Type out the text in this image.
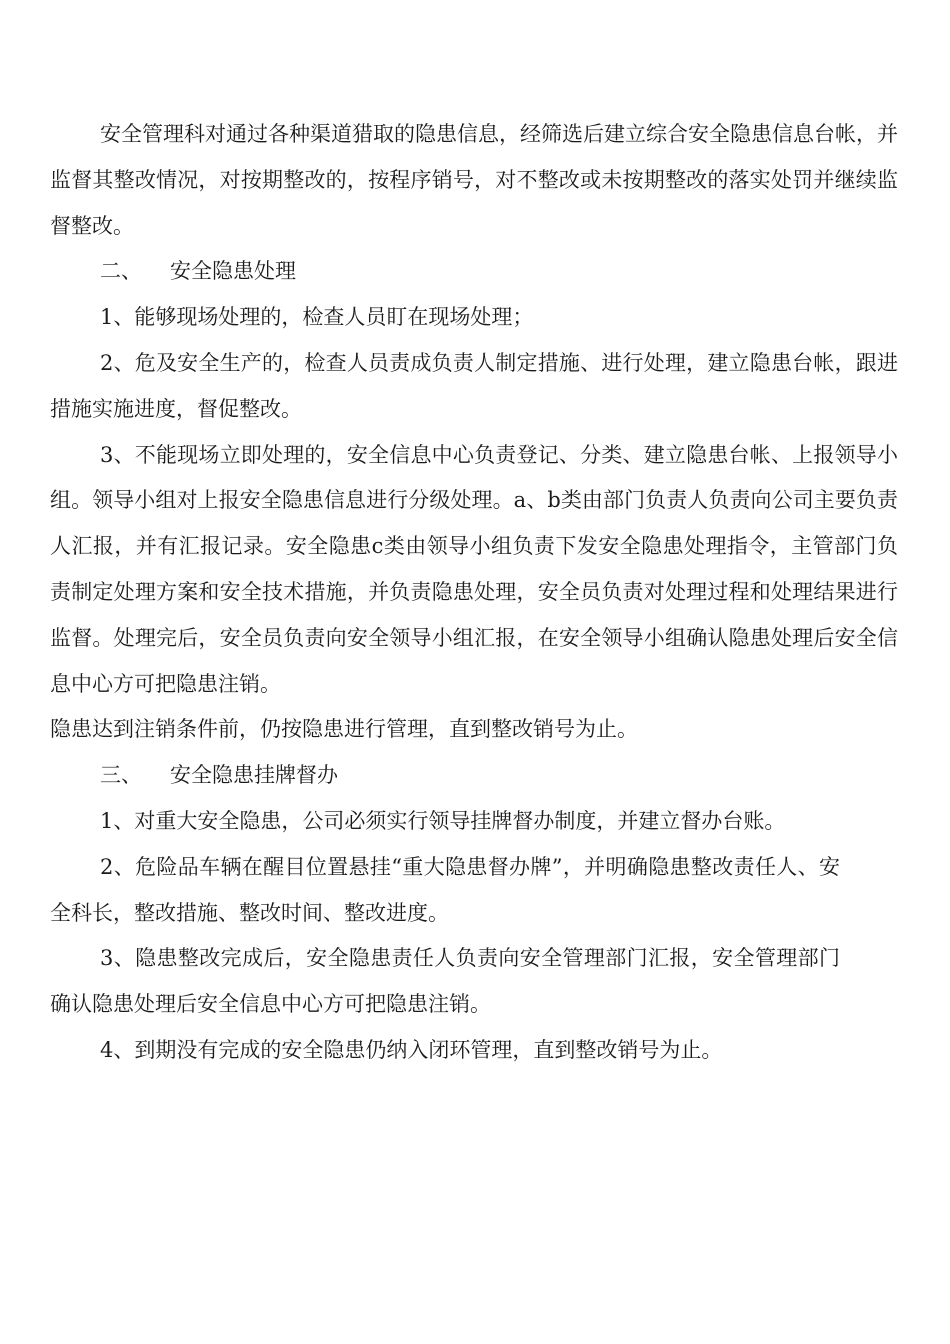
安全管理科对通过各种渠道猎取的隐患信息，经筛选后建立综合安全隐患信息台帐，并监督其整改情况，对按期整改的，按程序销号，对不整改或未按期整改的落实处罚并继续监督整改。

二、 安全隐患处理

1、能够现场处理的，检查人员盯在现场处理；

2、危及安全生产的，检查人员责成负责人制定措施、进行处理，建立隐患台帐，跟进措施实施进度，督促整改。

3、不能现场立即处理的，安全信息中心负责登记、分类、建立隐患台帐、上报领导小组。领导小组对上报安全隐患信息进行分级处理。a、b类由部门负责人负责向公司主要负责人汇报，并有汇报记录。安全隐患c类由领导小组负责下发安全隐患处理指令，主管部门负责制定处理方案和安全技术措施，并负责隐患处理，安全员负责对处理过程和处理结果进行监督。处理完后，安全员负责向安全领导小组汇报，在安全领导小组确认隐患处理后安全信息中心方可把隐患注销。

隐患达到注销条件前，仍按隐患进行管理，直到整改销号为止。

三、 安全隐患挂牌督办

1、对重大安全隐患，公司必须实行领导挂牌督办制度，并建立督办台账。

2、危险品车辆在醒目位置悬挂“重大隐患督办牌”，并明确隐患整改责任人、安全科长，整改措施、整改时间、整改进度。

3、隐患整改完成后，安全隐患责任人负责向安全管理部门汇报，安全管理部门确认隐患处理后安全信息中心方可把隐患注销。

4、到期没有完成的安全隐患仍纳入闭环管理，直到整改销号为止。
